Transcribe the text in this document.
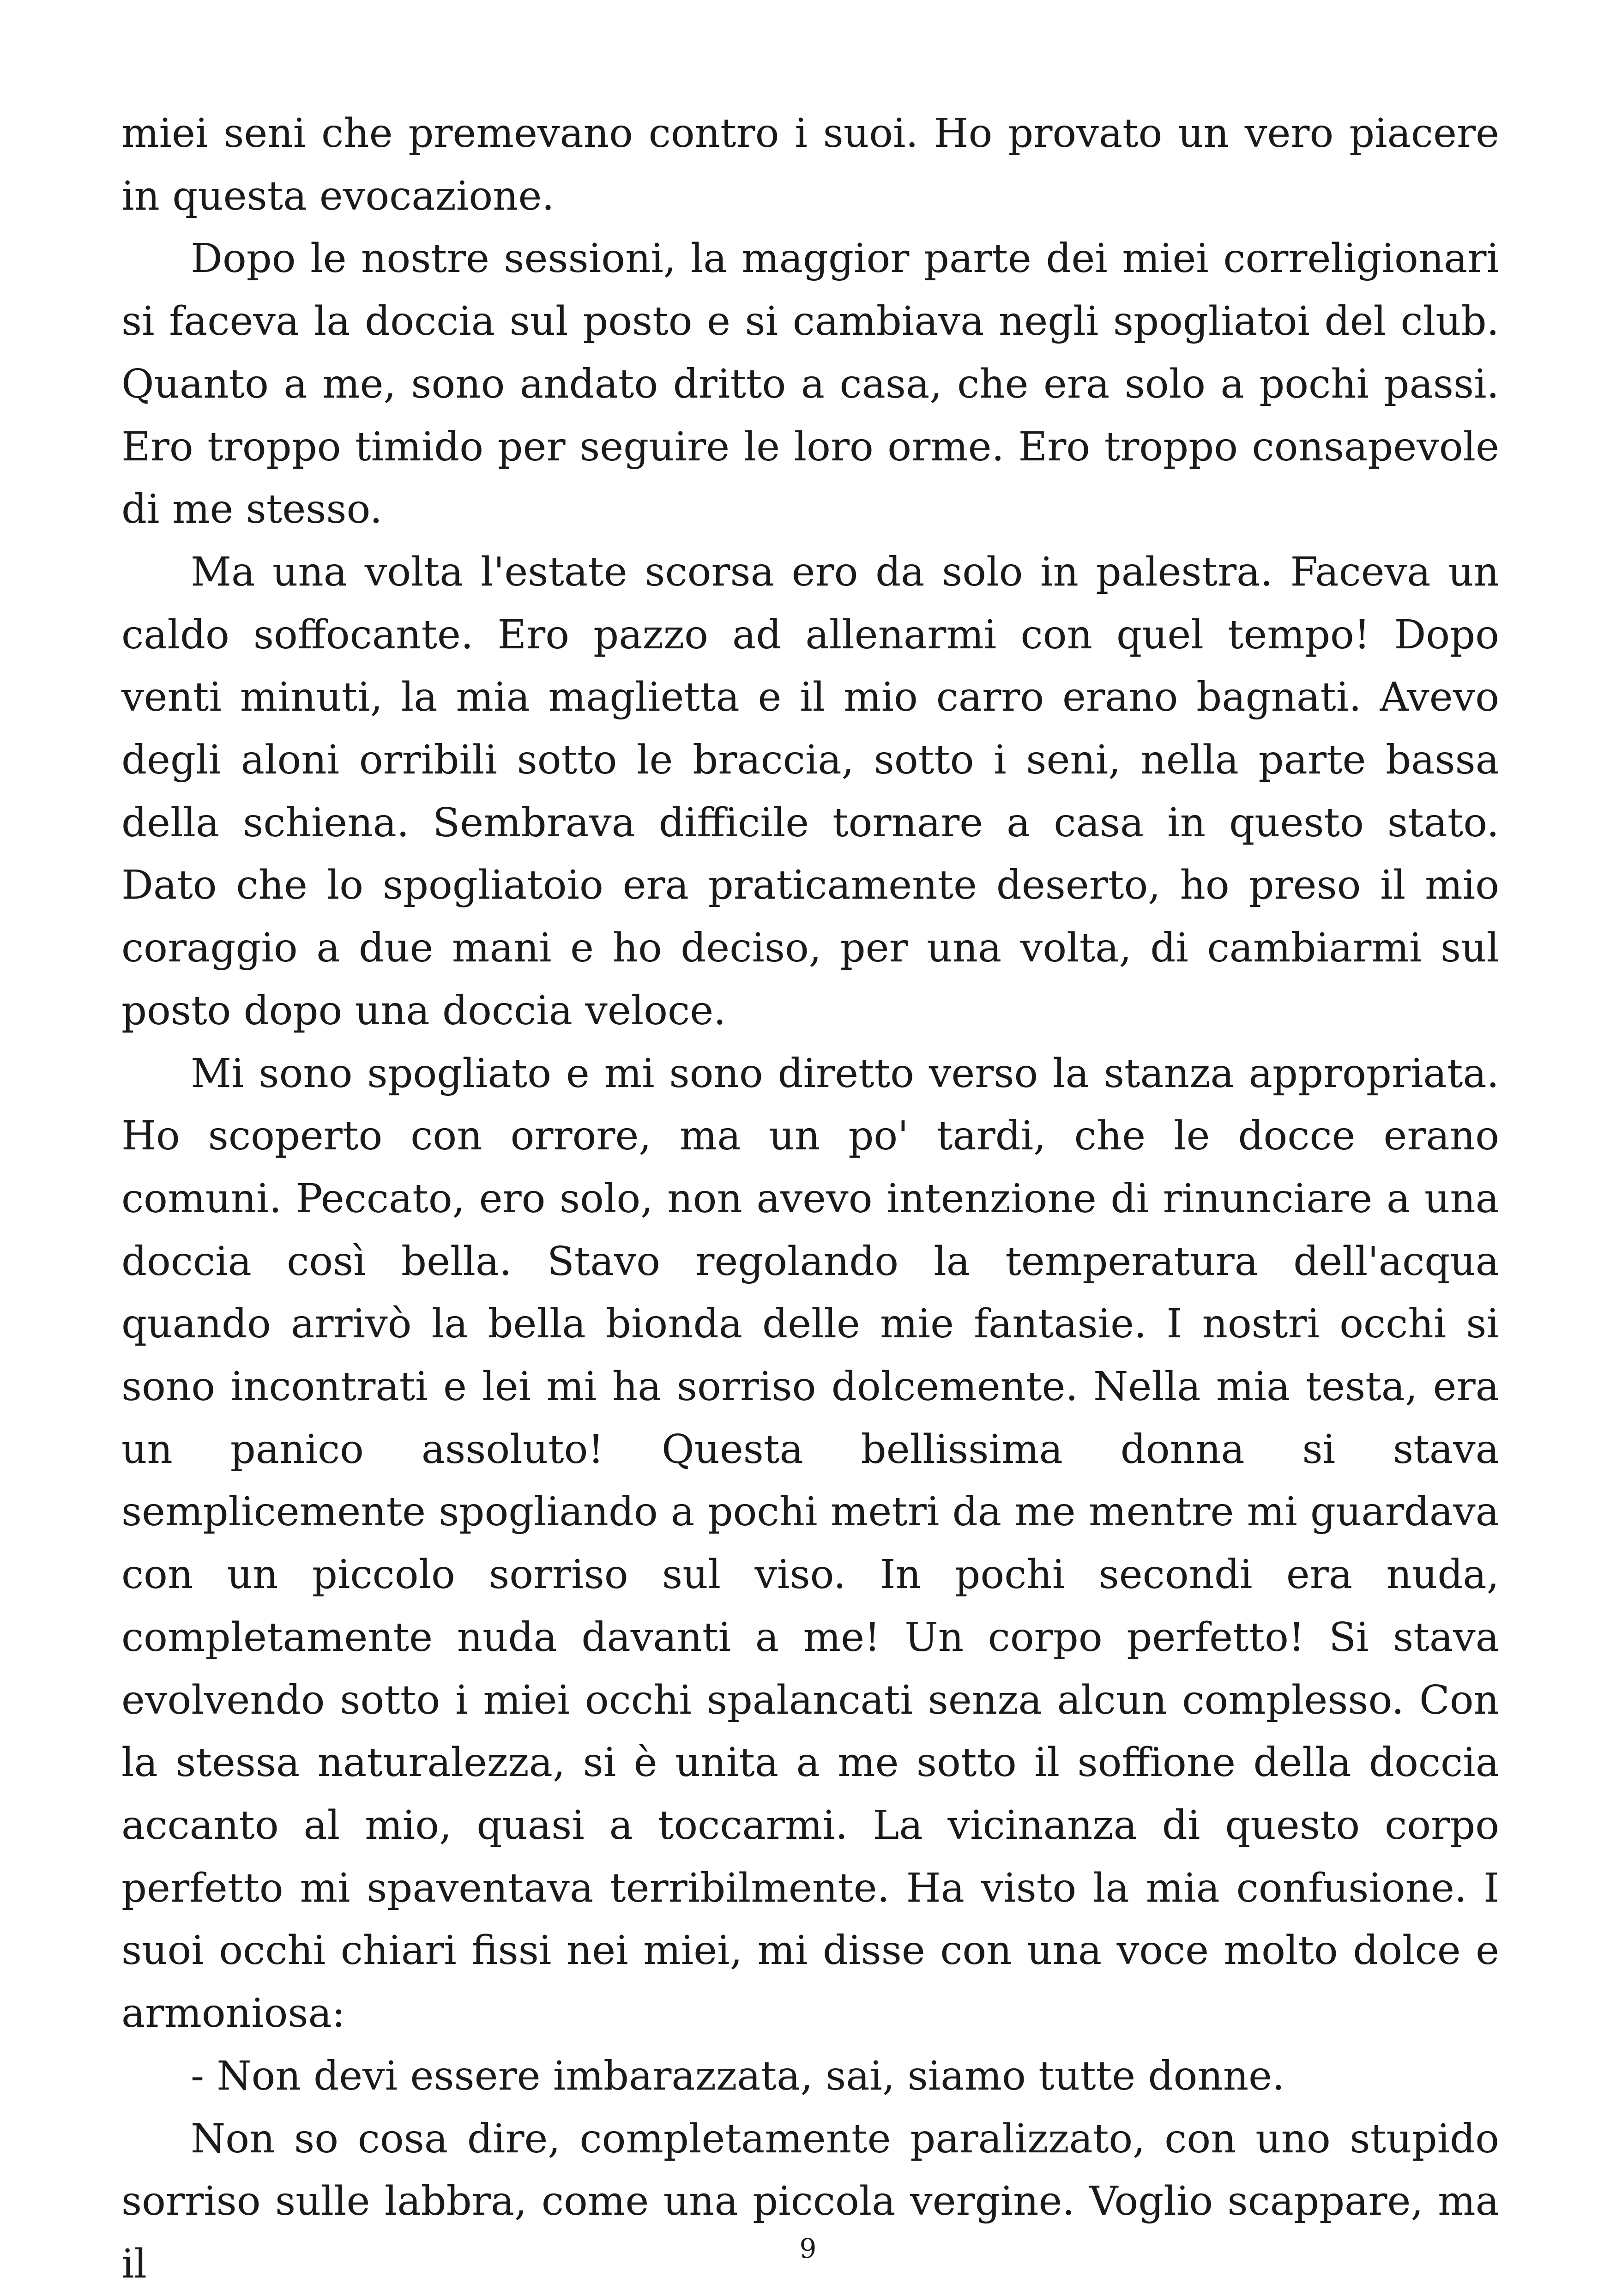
miei seni che premevano contro i suoi. Ho provato un vero piacere in questa evocazione.

Dopo le nostre sessioni, la maggior parte dei miei correligionari si faceva la doccia sul posto e si cambiava negli spogliatoi del club. Quanto a me, sono andato dritto a casa, che era solo a pochi passi. Ero troppo timido per seguire le loro orme. Ero troppo consapevole di me stesso.

Ma una volta l'estate scorsa ero da solo in palestra. Faceva un caldo soffocante. Ero pazzo ad allenarmi con quel tempo! Dopo venti minuti, la mia maglietta e il mio carro erano bagnati. Avevo degli aloni orribili sotto le braccia, sotto i seni, nella parte bassa della schiena. Sembrava difficile tornare a casa in questo stato. Dato che lo spogliatoio era praticamente deserto, ho preso il mio coraggio a due mani e ho deciso, per una volta, di cambiarmi sul posto dopo una doccia veloce.

Mi sono spogliato e mi sono diretto verso la stanza appropriata. Ho scoperto con orrore, ma un po' tardi, che le docce erano comuni. Peccato, ero solo, non avevo intenzione di rinunciare a una doccia così bella. Stavo regolando la temperatura dell'acqua quando arrivò la bella bionda delle mie fantasie. I nostri occhi si sono incontrati e lei mi ha sorriso dolcemente. Nella mia testa, era un panico assoluto! Questa bellissima donna si stava semplicemente spogliando a pochi metri da me mentre mi guardava con un piccolo sorriso sul viso. In pochi secondi era nuda, completamente nuda davanti a me! Un corpo perfetto! Si stava evolvendo sotto i miei occhi spalancati senza alcun complesso. Con la stessa naturalezza, si è unita a me sotto il soffione della doccia accanto al mio, quasi a toccarmi. La vicinanza di questo corpo perfetto mi spaventava terribilmente. Ha visto la mia confusione. I suoi occhi chiari fissi nei miei, mi disse con una voce molto dolce e armoniosa:

- Non devi essere imbarazzata, sai, siamo tutte donne.

Non so cosa dire, completamente paralizzato, con uno stupido sorriso sulle labbra, come una piccola vergine. Voglio scappare, ma il	9
